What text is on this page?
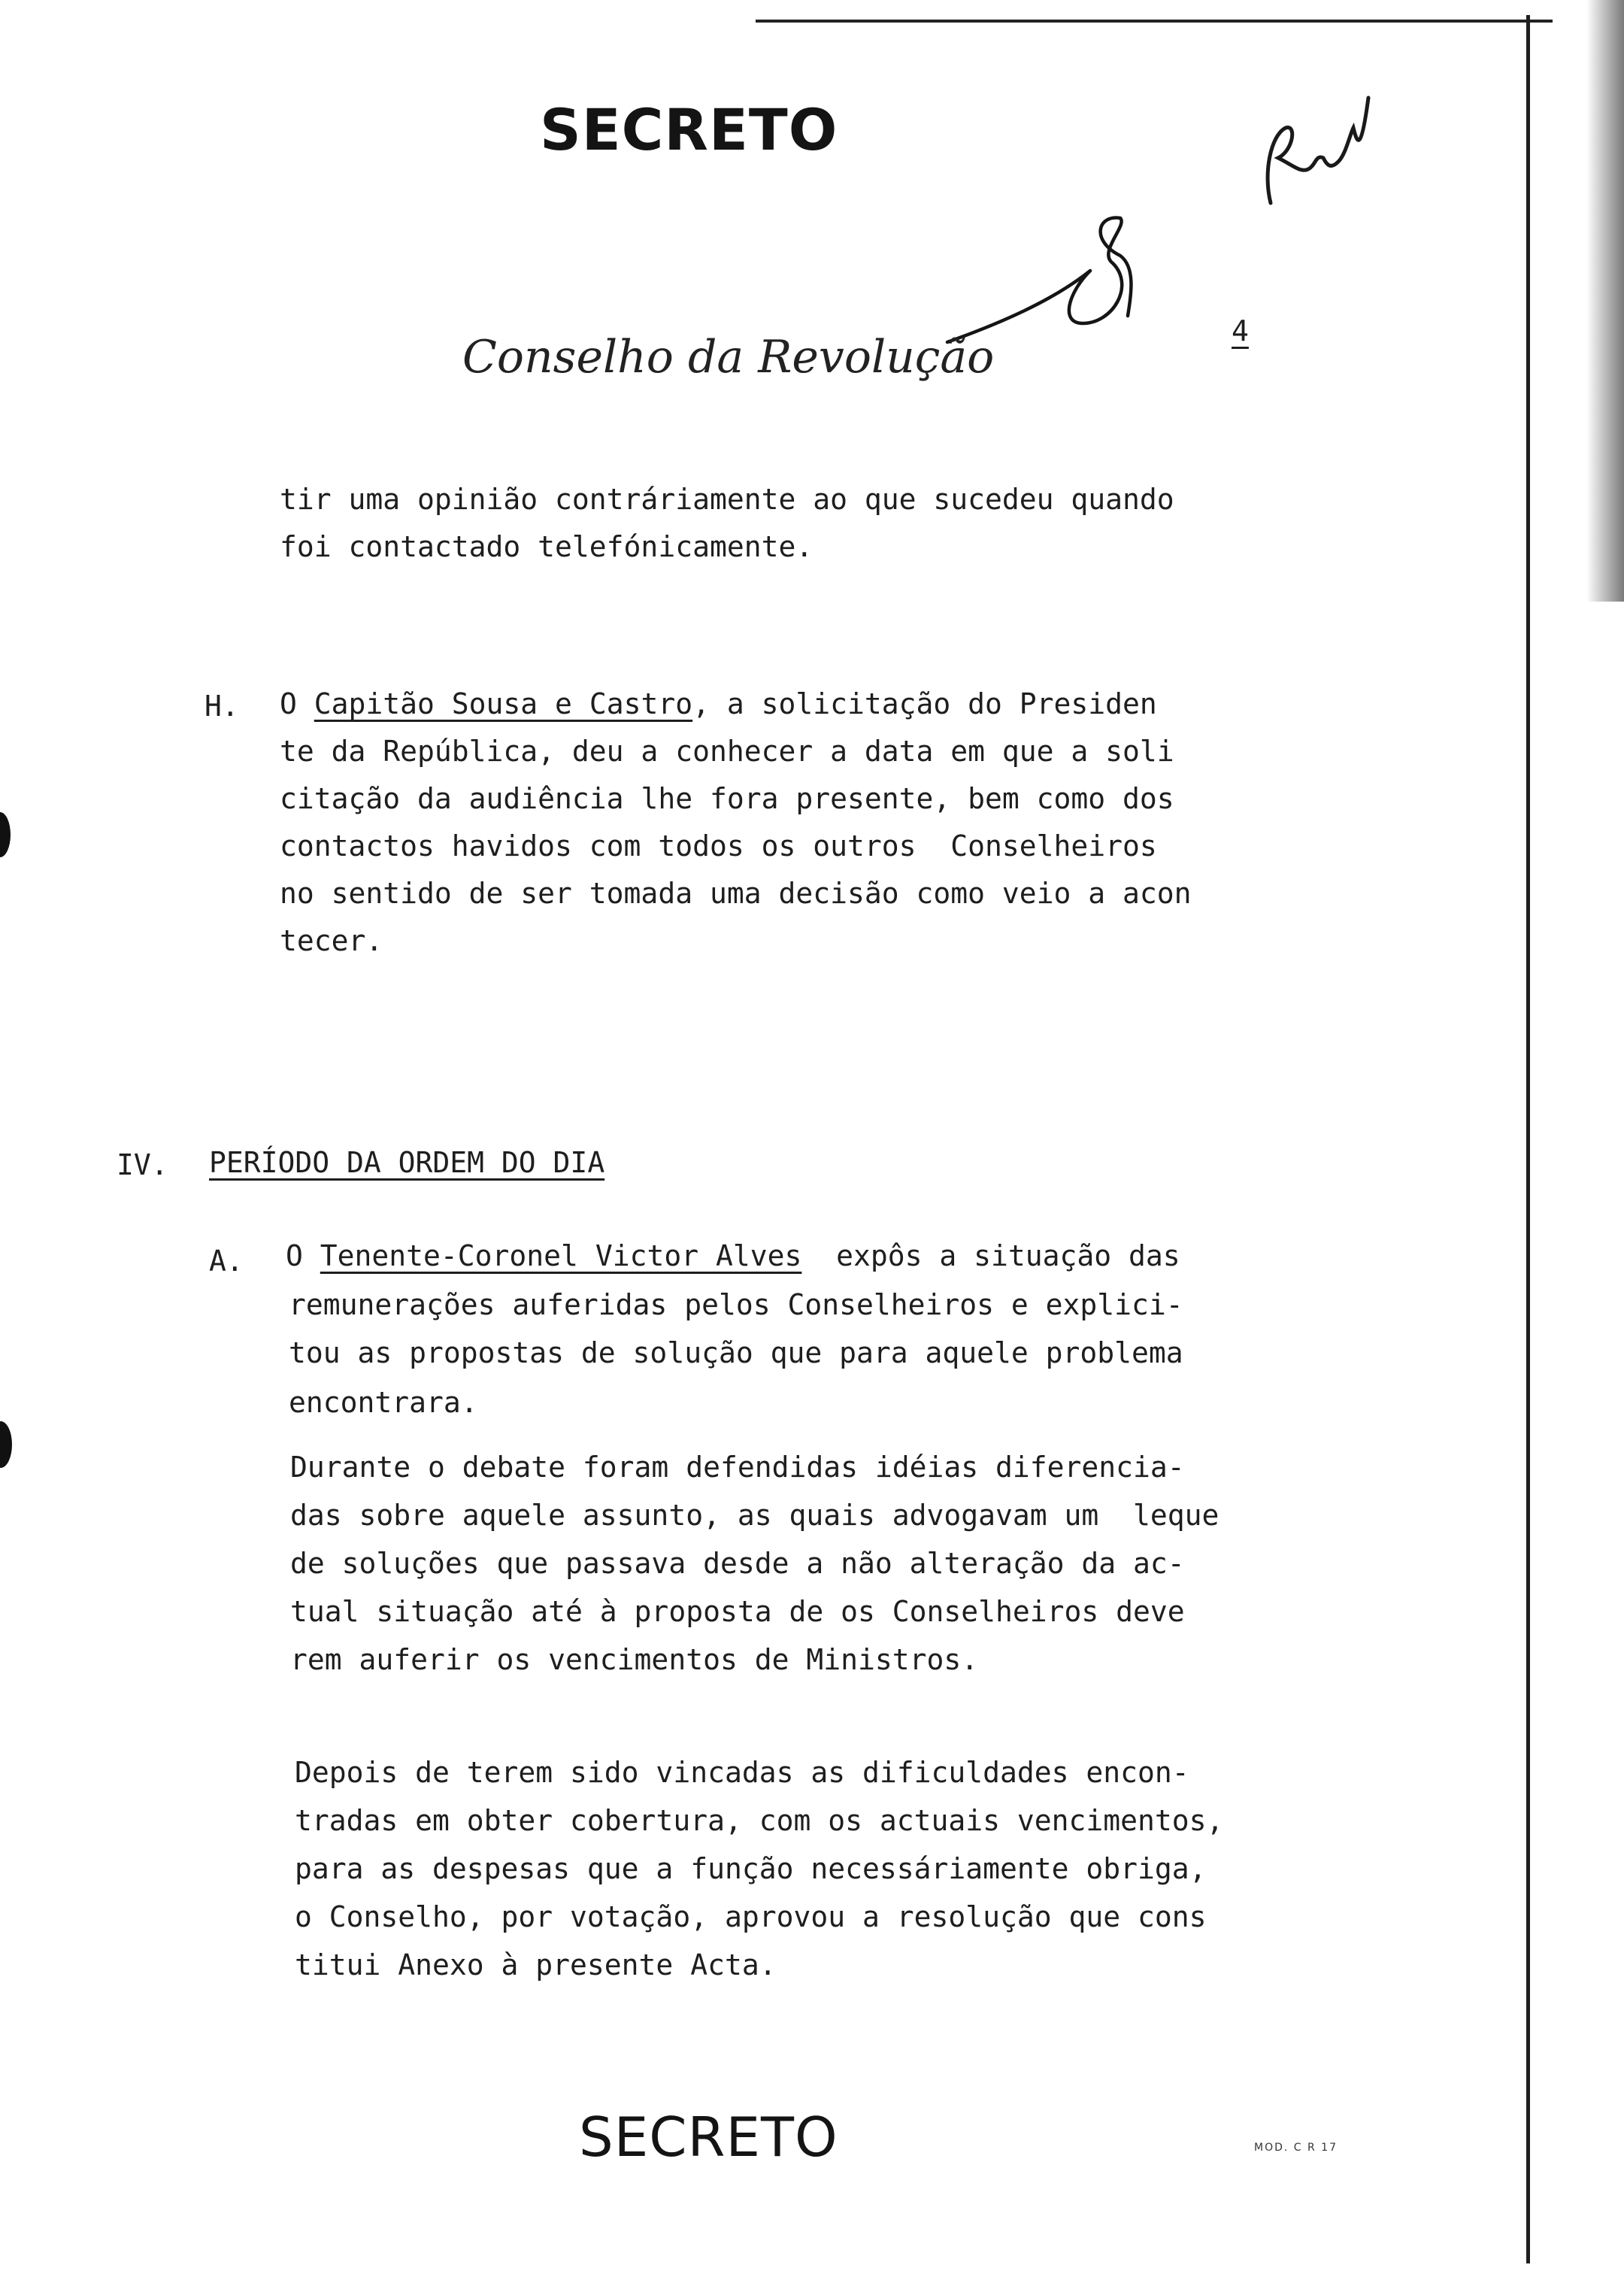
SECRETO
Conselho da Revolução	4
tir uma opinião contráriamente ao que sucedeu quando
foi contactado telefónicamente.
H. O Capitão Sousa e Castro, a solicitação do Presiden
te da República, deu a conhecer a data em que a soli
citação da audiência lhe fora presente, bem como dos
contactos havidos com todos os outros  Conselheiros
no sentido de ser tomada uma decisão como veio a acon
tecer.
IV. PERÍODO DA ORDEM DO DIA
A. O Tenente-Coronel Victor Alves  expôs a situação das
remunerações auferidas pelos Conselheiros e explici-
tou as propostas de solução que para aquele problema
encontrara.
Durante o debate foram defendidas idéias diferencia-
das sobre aquele assunto, as quais advogavam um  leque
de soluções que passava desde a não alteração da ac-
tual situação até à proposta de os Conselheiros deve
rem auferir os vencimentos de Ministros.
Depois de terem sido vincadas as dificuldades encon-
tradas em obter cobertura, com os actuais vencimentos,
para as despesas que a função necessáriamente obriga,
o Conselho, por votação, aprovou a resolução que cons
titui Anexo à presente Acta.
SECRETO	MOD. C R 17
